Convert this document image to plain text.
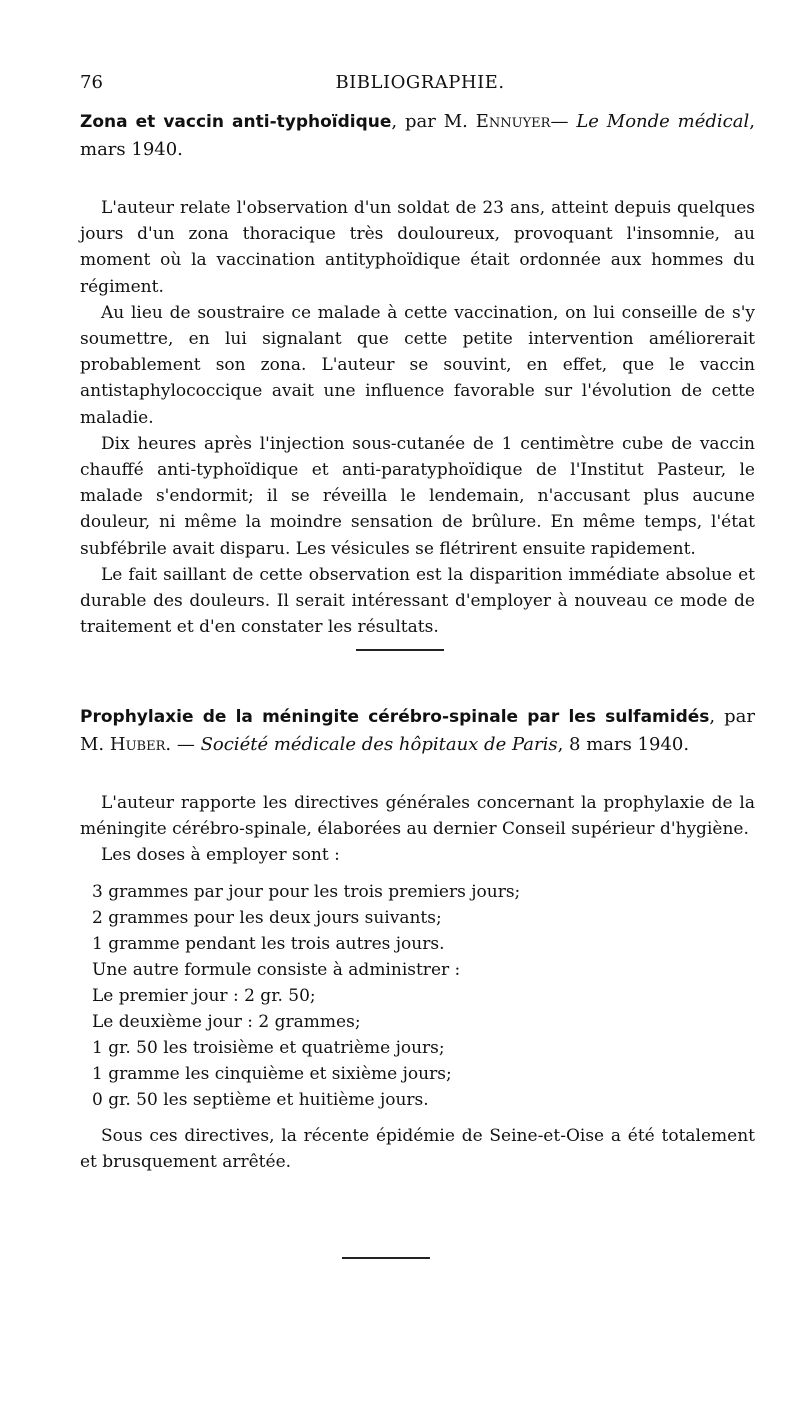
76	BIBLIOGRAPHIE.

Zona et vaccin anti-typhoïdique, par M. Ennuyer— Le Monde médical, mars 1940.

L'auteur relate l'observation d'un soldat de 23 ans, atteint depuis quelques jours d'un zona thoracique très douloureux, provoquant l'insomnie, au moment où la vaccination antityphoïdique était ordonnée aux hommes du régiment.

Au lieu de soustraire ce malade à cette vaccination, on lui conseille de s'y soumettre, en lui signalant que cette petite intervention améliorerait probablement son zona. L'auteur se souvint, en effet, que le vaccin antistaphylococcique avait une influence favorable sur l'évolution de cette maladie.

Dix heures après l'injection sous-cutanée de 1 centimètre cube de vaccin chauffé anti-typhoïdique et anti-paratyphoïdique de l'Institut Pasteur, le malade s'endormit; il se réveilla le lendemain, n'accusant plus aucune douleur, ni même la moindre sensation de brûlure. En même temps, l'état subfébrile avait disparu. Les vésicules se flétrirent ensuite rapidement.

Le fait saillant de cette observation est la disparition immédiate absolue et durable des douleurs. Il serait intéressant d'employer à nouveau ce mode de traitement et d'en constater les résultats.

Prophylaxie de la méningite cérébro-spinale par les sulfamidés, par M. Huber. — Société médicale des hôpitaux de Paris, 8 mars 1940.

L'auteur rapporte les directives générales concernant la prophylaxie de la méningite cérébro-spinale, élaborées au dernier Conseil supérieur d'hygiène.

Les doses à employer sont :

3 grammes par jour pour les trois premiers jours;
2 grammes pour les deux jours suivants;
1 gramme pendant les trois autres jours.
Une autre formule consiste à administrer :
Le premier jour : 2 gr. 50;
Le deuxième jour : 2 grammes;
1 gr. 50 les troisième et quatrième jours;
1 gramme les cinquième et sixième jours;
0 gr. 50 les septième et huitième jours.

Sous ces directives, la récente épidémie de Seine-et-Oise a été totalement et brusquement arrêtée.
